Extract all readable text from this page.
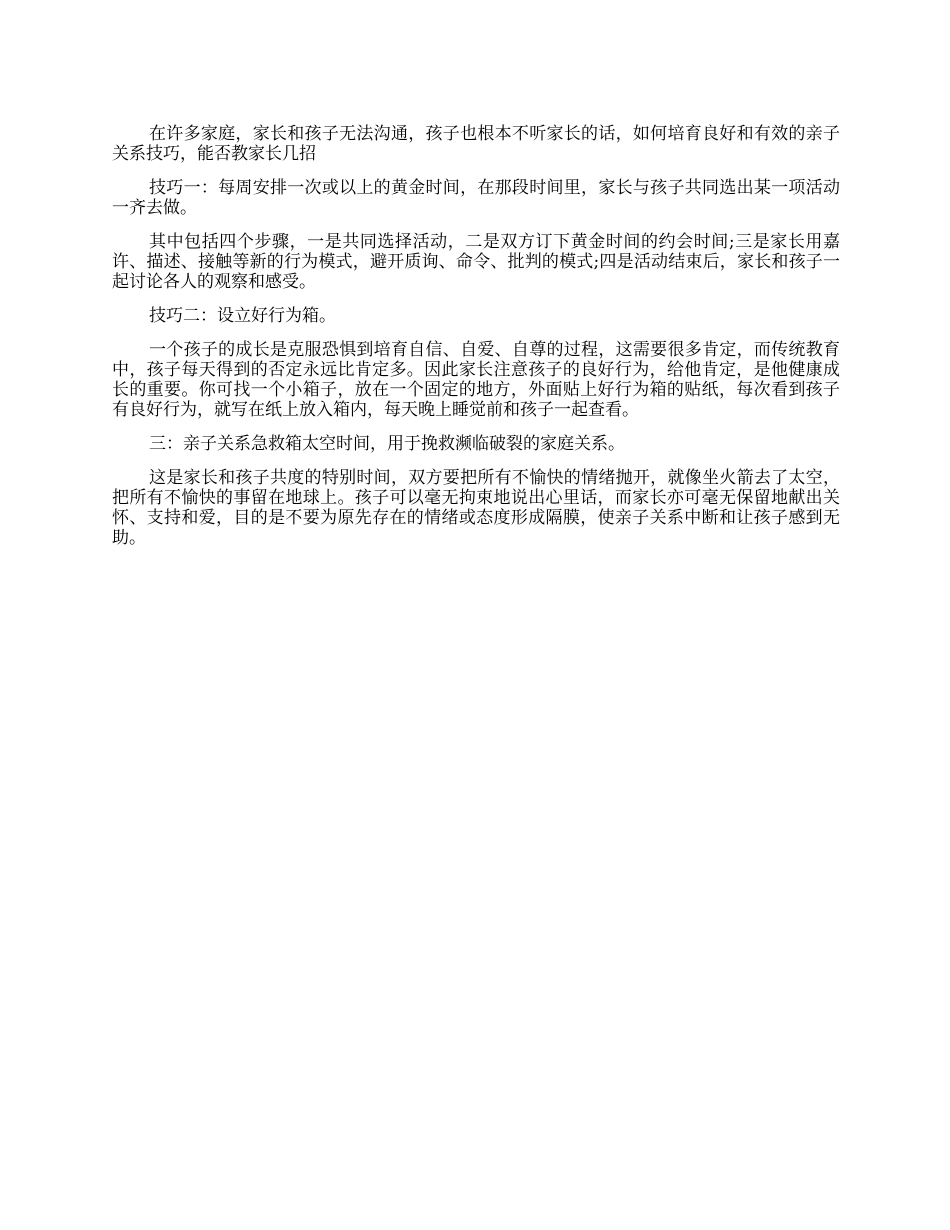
在许多家庭，家长和孩子无法沟通，孩子也根本不听家长的话，如何培育良好和有效的亲子关系技巧，能否教家长几招

技巧一：每周安排一次或以上的黄金时间，在那段时间里，家长与孩子共同选出某一项活动一齐去做。

其中包括四个步骤，一是共同选择活动，二是双方订下黄金时间的约会时间;三是家长用嘉许、描述、接触等新的行为模式，避开质询、命令、批判的模式;四是活动结束后，家长和孩子一起讨论各人的观察和感受。

技巧二：设立好行为箱。

一个孩子的成长是克服恐惧到培育自信、自爱、自尊的过程，这需要很多肯定，而传统教育中，孩子每天得到的否定永远比肯定多。因此家长注意孩子的良好行为，给他肯定，是他健康成长的重要。你可找一个小箱子，放在一个固定的地方，外面贴上好行为箱的贴纸，每次看到孩子有良好行为，就写在纸上放入箱内，每天晚上睡觉前和孩子一起查看。

三：亲子关系急救箱太空时间，用于挽救濒临破裂的家庭关系。

这是家长和孩子共度的特别时间，双方要把所有不愉快的情绪抛开，就像坐火箭去了太空，把所有不愉快的事留在地球上。孩子可以毫无拘束地说出心里话，而家长亦可毫无保留地献出关怀、支持和爱，目的是不要为原先存在的情绪或态度形成隔膜，使亲子关系中断和让孩子感到无助。
